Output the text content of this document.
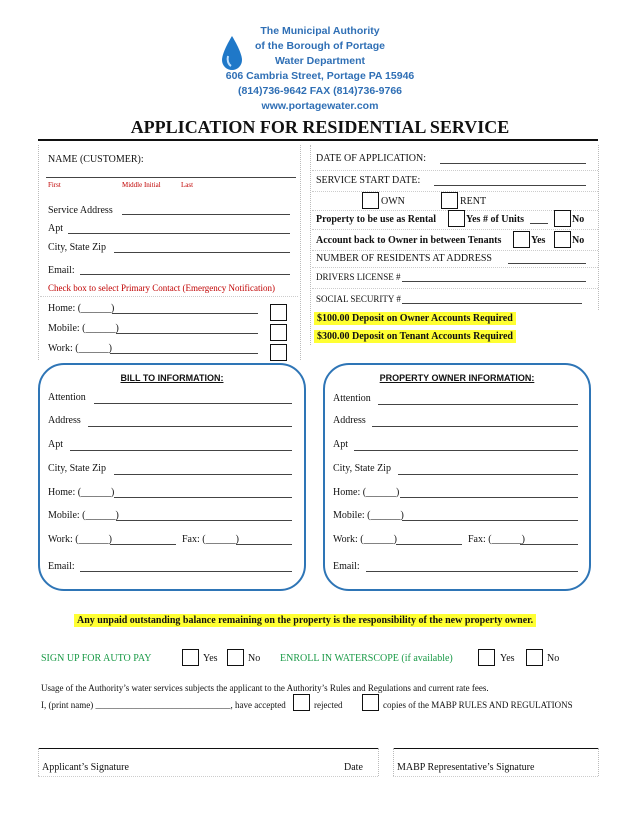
The Municipal Authority
of the Borough of Portage
Water Department
606 Cambria Street, Portage PA 15946
(814)736-9642 FAX (814)736-9766
www.portagewater.com
APPLICATION FOR RESIDENTIAL SERVICE
NAME (CUSTOMER):
First	Middle Initial	Last
Service Address
Apt
City, State Zip
Email:
Check box to select Primary Contact (Emergency Notification)
Home: (______)
Mobile: (______)
Work: (______)
DATE OF APPLICATION:
SERVICE START DATE:
OWN	RENT
Property to be use as Rental	Yes # of Units	No
Account back to Owner in between Tenants	Yes	No
NUMBER OF RESIDENTS AT ADDRESS
DRIVERS LICENSE #
SOCIAL SECURITY #
$100.00 Deposit on Owner Accounts Required
$300.00 Deposit on Tenant Accounts Required
BILL TO INFORMATION:
Attention
Address
Apt
City, State Zip
Home: (______)
Mobile: (______)
Work: (______)	Fax: (______)
Email:
PROPERTY OWNER INFORMATION:
Attention
Address
Apt
City, State Zip
Home: (______)
Mobile: (______)
Work: (______)	Fax: (______)
Email:
Any unpaid outstanding balance remaining on the property is the responsibility of the new property owner.
SIGN UP FOR AUTO PAY	Yes	No ENROLL IN WATERSCOPE (if available)	Yes	No
Usage of the Authority’s water services subjects the applicant to the Authority’s Rules and Regulations and current rate fees.
I, (print name) ______________________________, have accepted	rejected	copies of the MABP RULES AND REGULATIONS
Applicant’s Signature	Date	MABP Representative’s Signature
